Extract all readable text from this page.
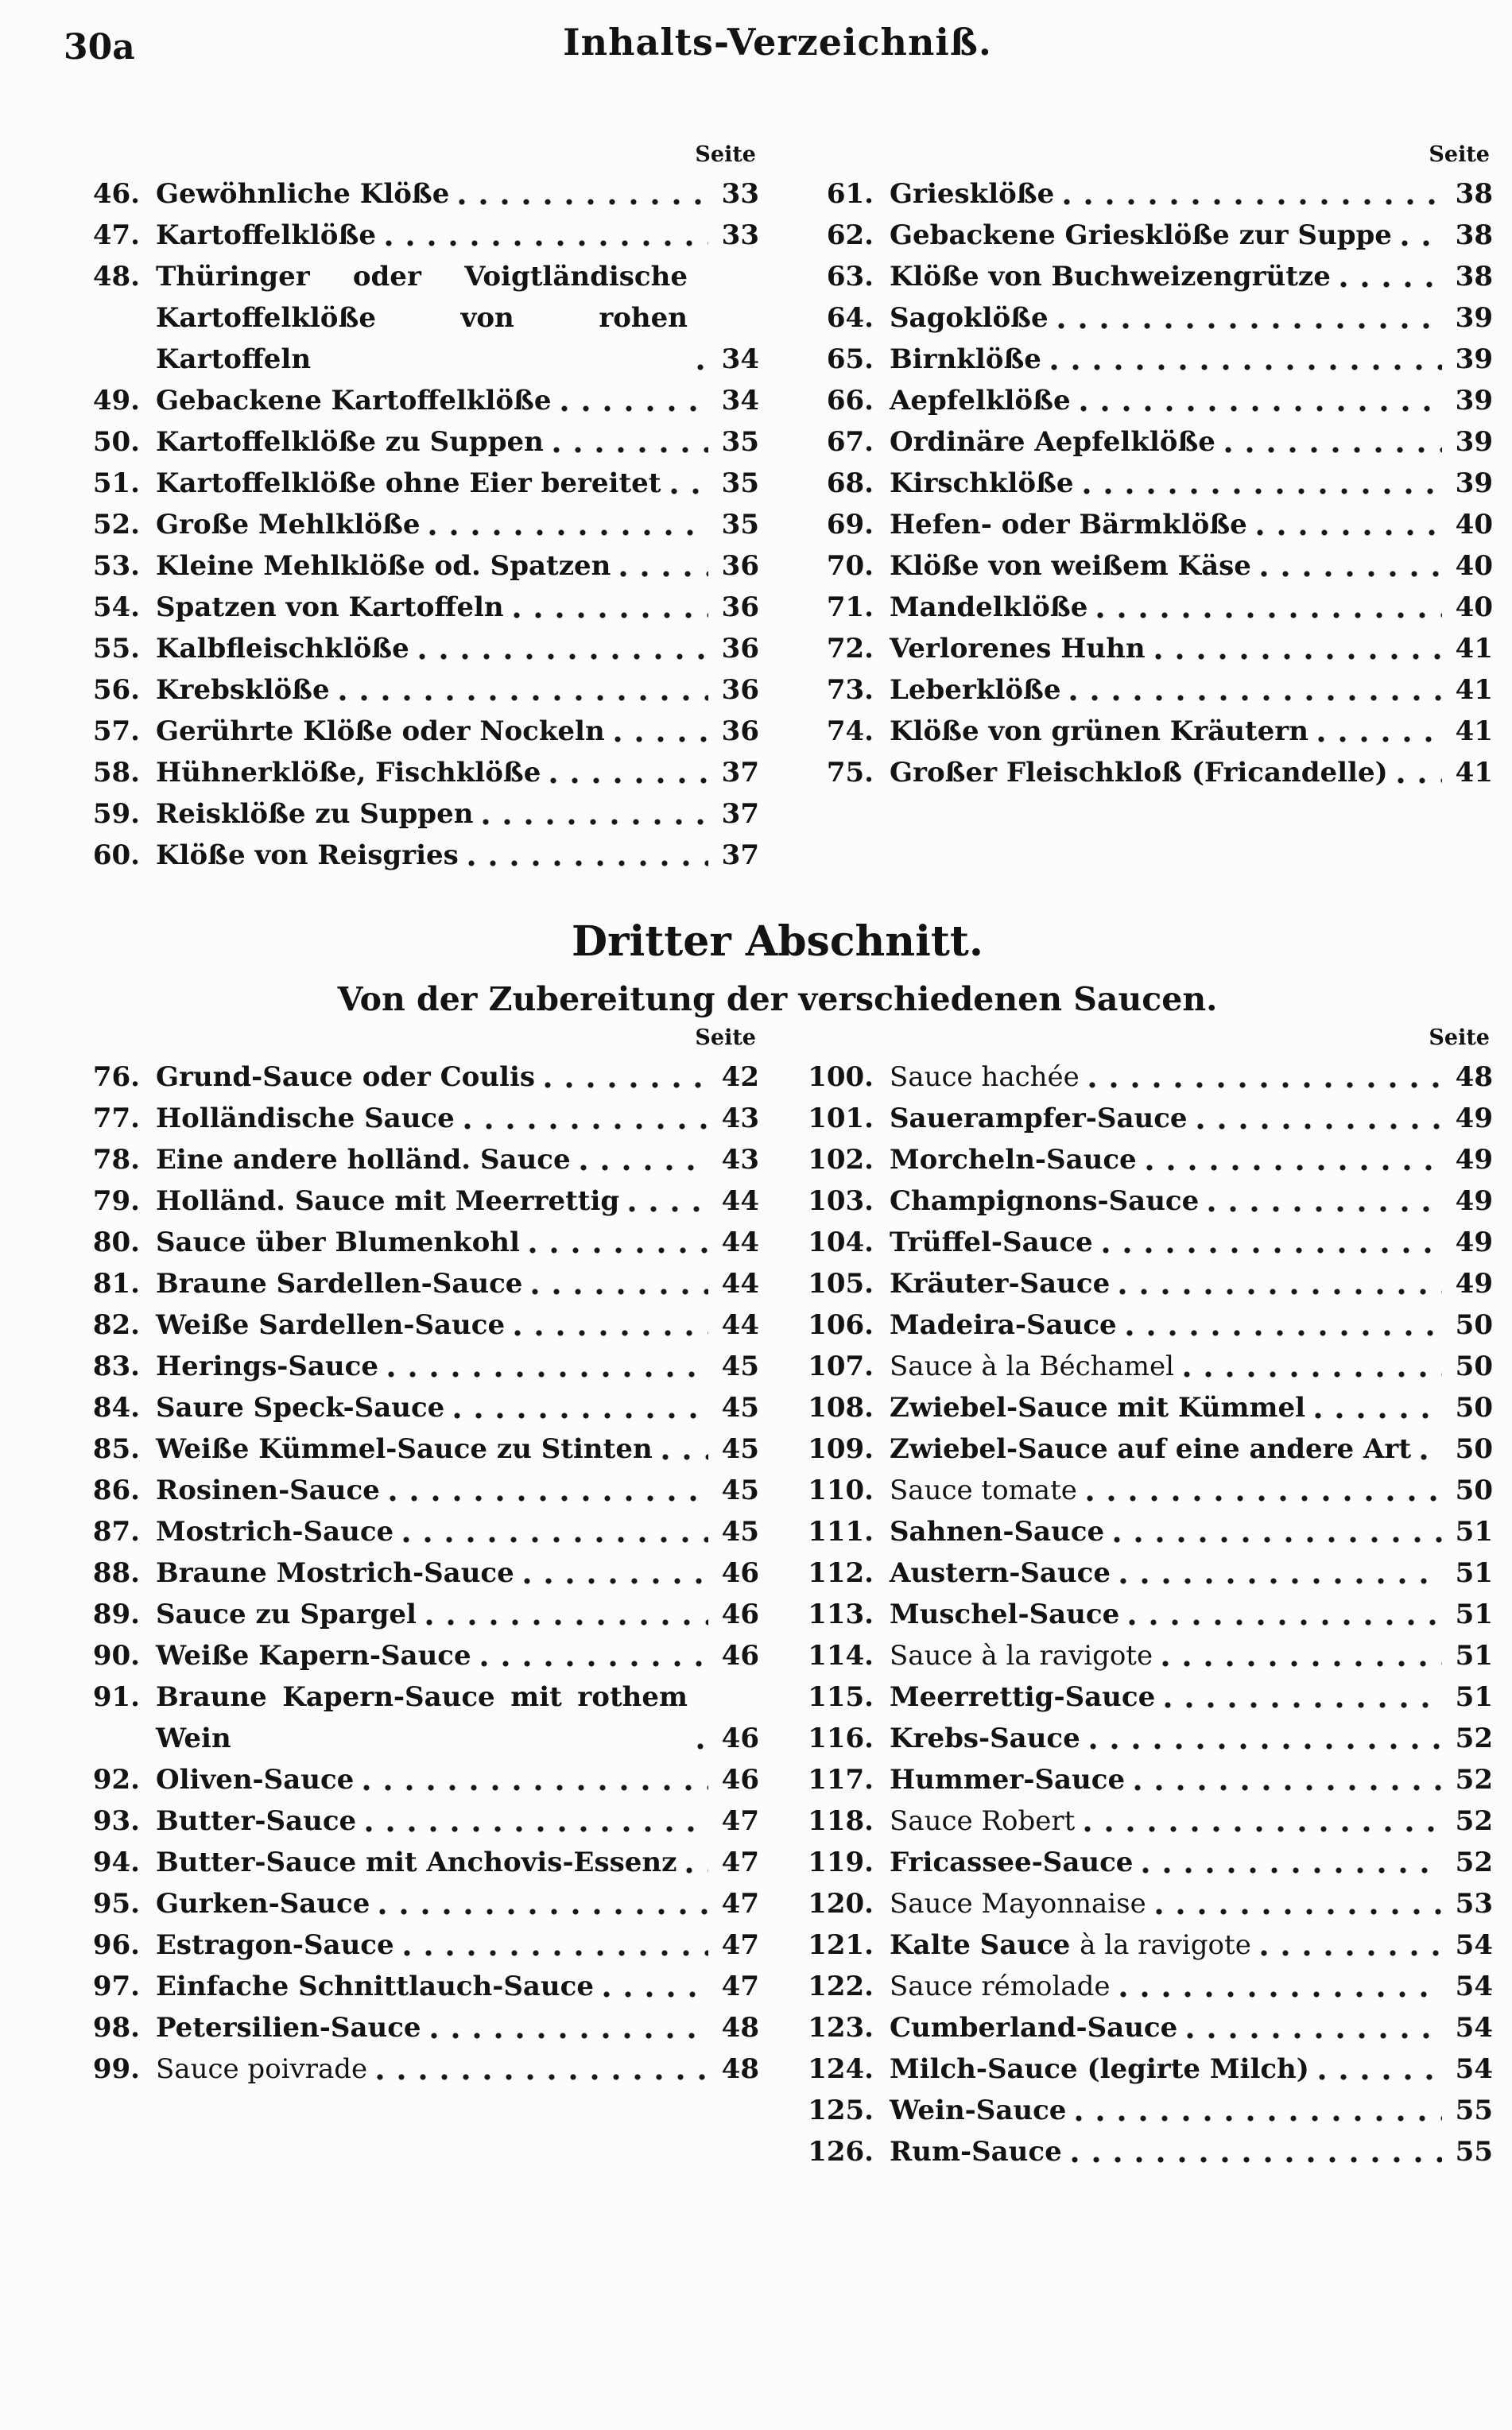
30a	Inhalts-Verzeichniß.
Seite
46. Gewöhnliche Klöße	33
47. Kartoffelklöße	33
48. Thüringer oder Voigtländische Kartoffelklöße von rohen Kartoffeln	34
49. Gebackene Kartoffelklöße	34
50. Kartoffelklöße zu Suppen	35
51. Kartoffelklöße ohne Eier bereitet	35
52. Große Mehlklöße	35
53. Kleine Mehlklöße od. Spatzen	36
54. Spatzen von Kartoffeln	36
55. Kalbfleischklöße	36
56. Krebsklöße	36
57. Gerührte Klöße oder Nockeln	36
58. Hühnerklöße, Fischklöße	37
59. Reisklöße zu Suppen	37
60. Klöße von Reisgries	37
Seite
61. Griesklöße	38
62. Gebackene Griesklöße zur Suppe	38
63. Klöße von Buchweizengrütze	38
64. Sagoklöße	39
65. Birnklöße	39
66. Aepfelklöße	39
67. Ordinäre Aepfelklöße	39
68. Kirschklöße	39
69. Hefen- oder Bärmklöße	40
70. Klöße von weißem Käse	40
71. Mandelklöße	40
72. Verlorenes Huhn	41
73. Leberklöße	41
74. Klöße von grünen Kräutern	41
75. Großer Fleischkloß (Fricandelle)	41
Dritter Abschnitt.
Von der Zubereitung der verschiedenen Saucen.
Seite
76. Grund-Sauce oder Coulis	42
77. Holländische Sauce	43
78. Eine andere holländ. Sauce	43
79. Holländ. Sauce mit Meerrettig	44
80. Sauce über Blumenkohl	44
81. Braune Sardellen-Sauce	44
82. Weiße Sardellen-Sauce	44
83. Herings-Sauce	45
84. Saure Speck-Sauce	45
85. Weiße Kümmel-Sauce zu Stinten	45
86. Rosinen-Sauce	45
87. Mostrich-Sauce	45
88. Braune Mostrich-Sauce	46
89. Sauce zu Spargel	46
90. Weiße Kapern-Sauce	46
91. Braune Kapern-Sauce mit rothem Wein	46
92. Oliven-Sauce	46
93. Butter-Sauce	47
94. Butter-Sauce mit Anchovis-Essenz	47
95. Gurken-Sauce	47
96. Estragon-Sauce	47
97. Einfache Schnittlauch-Sauce	47
98. Petersilien-Sauce	48
99. Sauce poivrade	48
Seite
100. Sauce hachée	48
101. Sauerampfer-Sauce	49
102. Morcheln-Sauce	49
103. Champignons-Sauce	49
104. Trüffel-Sauce	49
105. Kräuter-Sauce	49
106. Madeira-Sauce	50
107. Sauce à la Béchamel	50
108. Zwiebel-Sauce mit Kümmel	50
109. Zwiebel-Sauce auf eine andere Art	50
110. Sauce tomate	50
111. Sahnen-Sauce	51
112. Austern-Sauce	51
113. Muschel-Sauce	51
114. Sauce à la ravigote	51
115. Meerrettig-Sauce	51
116. Krebs-Sauce	52
117. Hummer-Sauce	52
118. Sauce Robert	52
119. Fricassee-Sauce	52
120. Sauce Mayonnaise	53
121. Kalte Sauce à la ravigote	54
122. Sauce rémolade	54
123. Cumberland-Sauce	54
124. Milch-Sauce (legirte Milch)	54
125. Wein-Sauce	55
126. Rum-Sauce	55
